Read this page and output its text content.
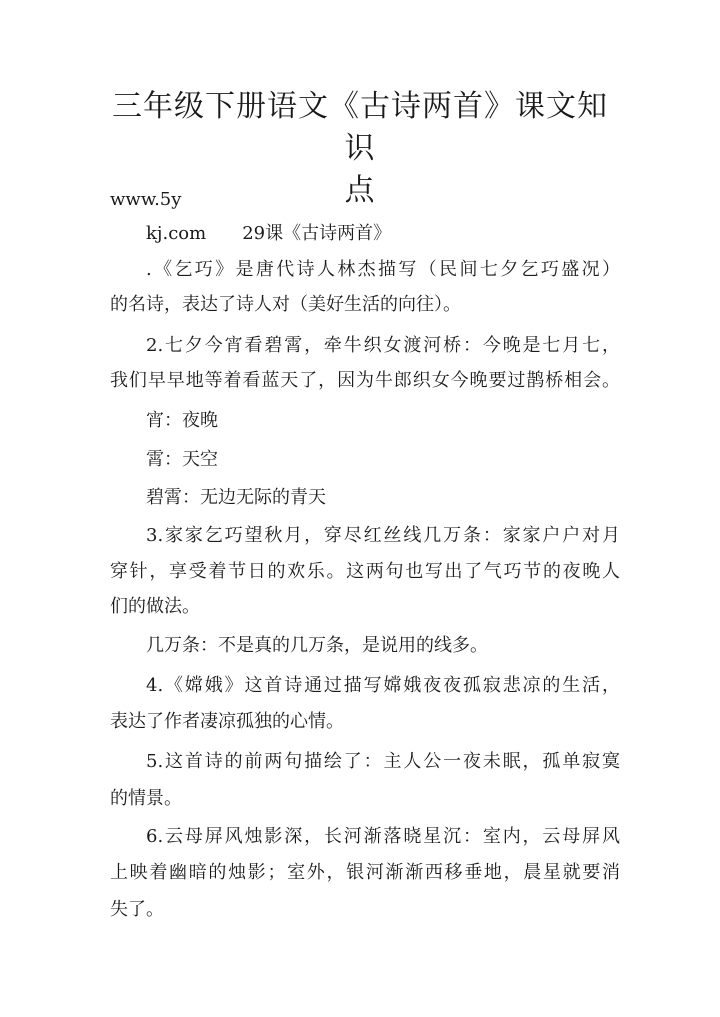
三年级下册语文《古诗两首》课文知识
点

www.5y

kj.com　　29课《古诗两首》

.《乞巧》是唐代诗人林杰描写（民间七夕乞巧盛况）

的名诗，表达了诗人对（美好生活的向往）。

2.七夕今宵看碧霄，牵牛织女渡河桥：今晚是七月七，

我们早早地等着看蓝天了，因为牛郎织女今晚要过鹊桥相会。

宵：夜晚

霄：天空

碧霄：无边无际的青天

3.家家乞巧望秋月，穿尽红丝线几万条：家家户户对月

穿针，享受着节日的欢乐。这两句也写出了气巧节的夜晚人

们的做法。

几万条：不是真的几万条，是说用的线多。

4.《嫦娥》这首诗通过描写嫦娥夜夜孤寂悲凉的生活，

表达了作者凄凉孤独的心情。

5.这首诗的前两句描绘了：主人公一夜未眠，孤单寂寞

的情景。

6.云母屏风烛影深，长河渐落晓星沉：室内，云母屏风

上映着幽暗的烛影；室外，银河渐渐西移垂地，晨星就要消

失了。
